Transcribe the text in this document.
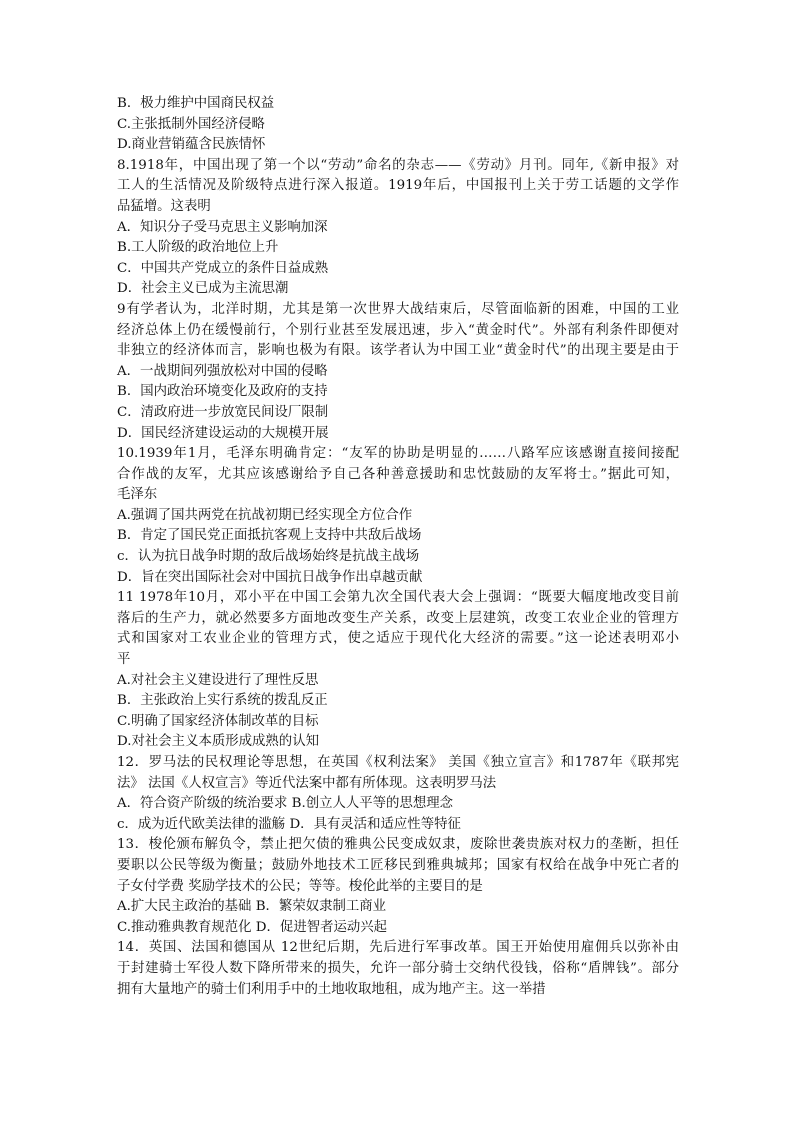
B．极力维护中国商民权益
C.主张抵制外国经济侵略
D.商业营销蕴含民族情怀
8.1918年，中国出现了第一个以“劳动”命名的杂志——《劳动》月刊。同年,《新申报》对
工人的生活情况及阶级特点进行深入报道。1919年后，中国报刊上关于劳工话题的文学作
品猛增。这表明
A．知识分子受马克思主义影响加深
B.工人阶级的政治地位上升
C．中国共产党成立的条件日益成熟
D．社会主义已成为主流思潮
9有学者认为，北洋时期，尤其是第一次世界大战结束后，尽管面临新的困难，中国的工业
经济总体上仍在缓慢前行，个别行业甚至发展迅速，步入“黄金时代”。外部有利条件即便对
非独立的经济体而言，影响也极为有限。该学者认为中国工业“黄金时代”的出现主要是由于
A．一战期间列强放松对中国的侵略
B．国内政治环境变化及政府的支持
C．清政府进一步放宽民间设厂限制
D．国民经济建设运动的大规模开展
10.1939年1月，毛泽东明确肯定：“友军的协助是明显的……八路军应该感谢直接间接配
合作战的友军，尤其应该感谢给予自己各种善意援助和忠忱鼓励的友军将士。”据此可知，
毛泽东
A.强调了国共两党在抗战初期已经实现全方位合作
B．肯定了国民党正面抵抗客观上支持中共敌后战场
c．认为抗日战争时期的敌后战场始终是抗战主战场
D．旨在突出国际社会对中国抗日战争作出卓越贡献
11 1978年10月，邓小平在中国工会第九次全国代表大会上强调：“既要大幅度地改变目前
落后的生产力，就必然要多方面地改变生产关系，改变上层建筑，改变工农业企业的管理方
式和国家对工农业企业的管理方式，使之适应于现代化大经济的需要。”这一论述表明邓小
平
A.对社会主义建设进行了理性反思
B．主张政治上实行系统的拨乱反正
C.明确了国家经济体制改革的目标
D.对社会主义本质形成成熟的认知
12．罗马法的民权理论等思想，在英国《权利法案》 美国《独立宣言》和1787年《联邦宪
法》 法国《人权宣言》等近代法案中都有所体现。这表明罗马法
A．符合资产阶级的统治要求 B.创立人人平等的思想理念
c．成为近代欧美法律的滥觞 D．具有灵活和适应性等特征
13．梭伦颁布解负令，禁止把欠债的雅典公民变成奴隶，废除世袭贵族对权力的垄断，担任
要职以公民等级为衡量；鼓励外地技术工匠移民到雅典城邦；国家有权给在战争中死亡者的
子女付学费 奖励学技术的公民；等等。梭伦此举的主要目的是
A.扩大民主政治的基础 B．繁荣奴隶制工商业
C.推动雅典教育规范化 D．促进智者运动兴起
14．英国、法国和德国从 12世纪后期，先后进行军事改革。国王开始使用雇佣兵以弥补由
于封建骑士军役人数下降所带来的损失，允许一部分骑士交纳代役钱，俗称“盾牌钱”。部分
拥有大量地产的骑士们利用手中的土地收取地租，成为地产主。这一举措
